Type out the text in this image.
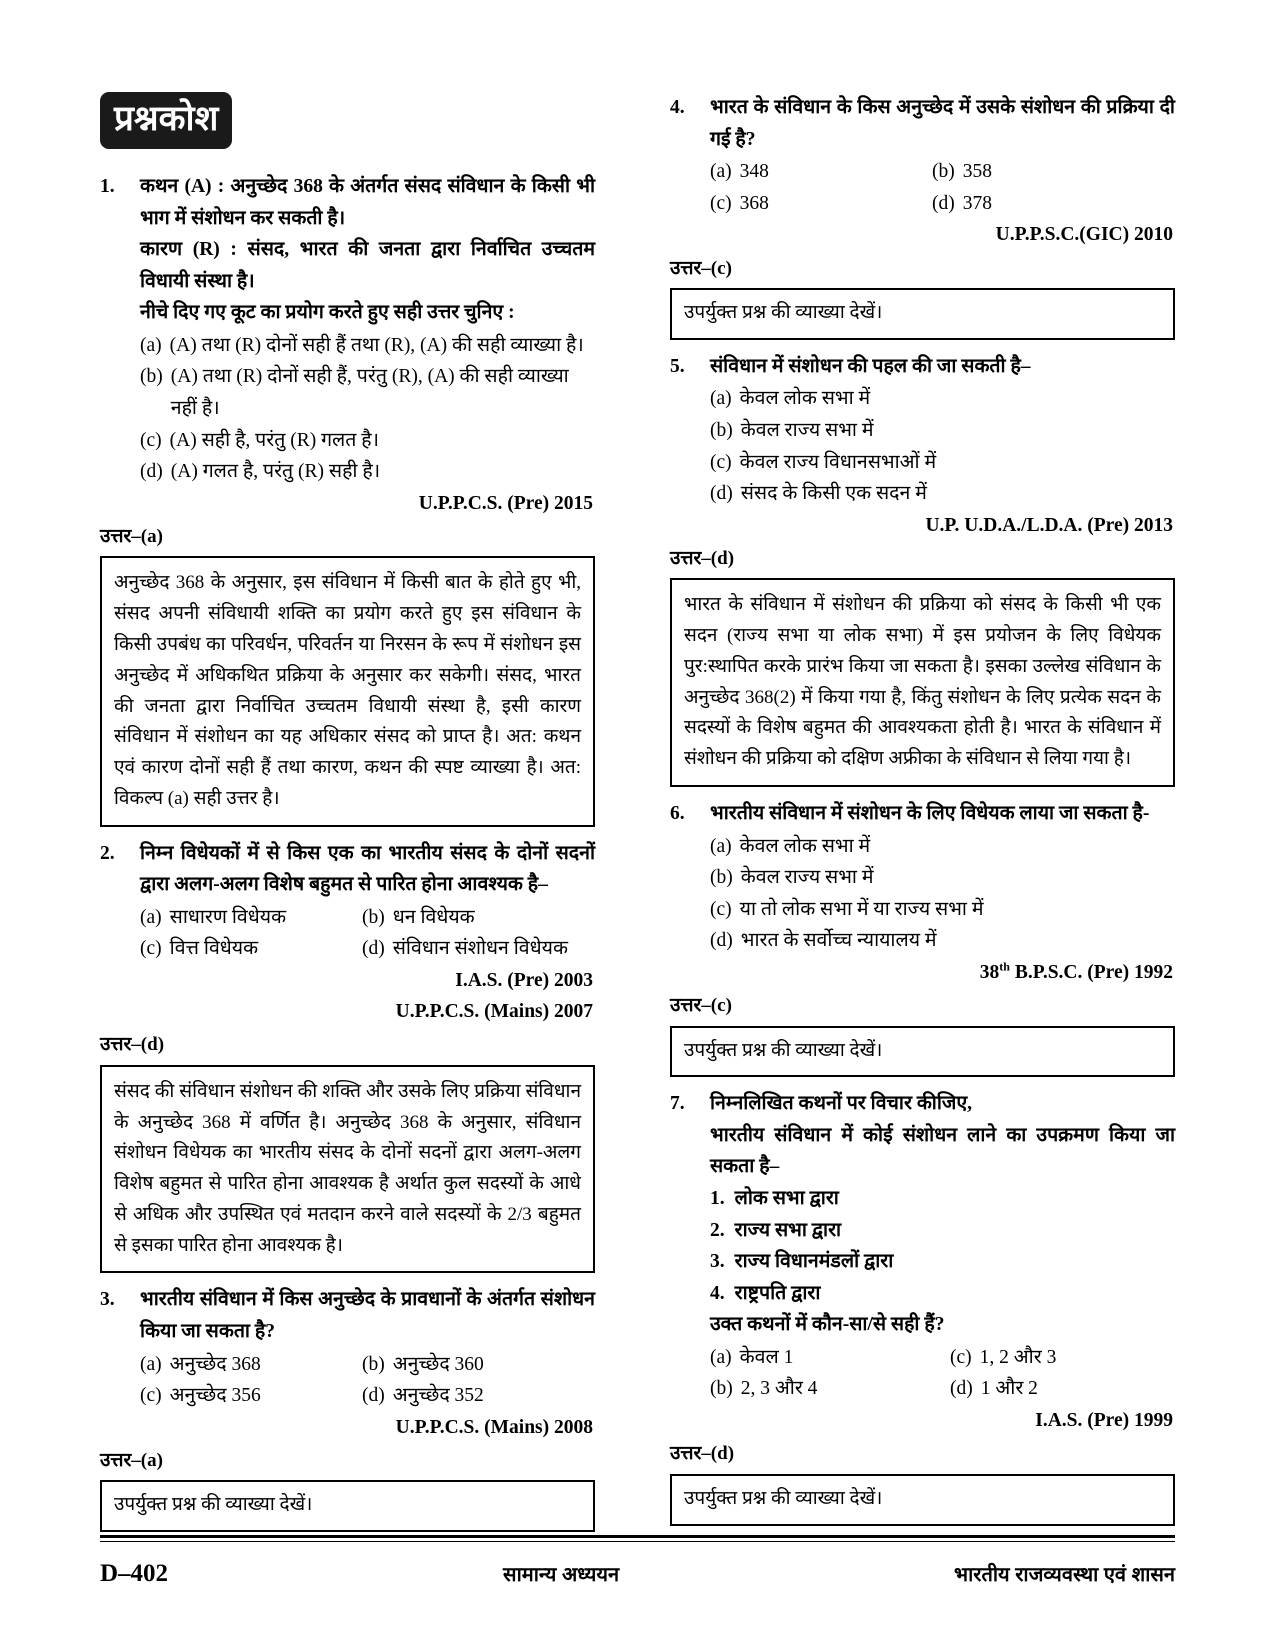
प्रश्नकोश
1.	कथन (A) : अनुच्छेद 368 के अंतर्गत संसद संविधान के किसी भी भाग में संशोधन कर सकती है।
कारण (R) : संसद, भारत की जनता द्वारा निर्वाचित उच्चतम विधायी संस्था है।
नीचे दिए गए कूट का प्रयोग करते हुए सही उत्तर चुनिए :
(a) (A) तथा (R) दोनों सही हैं तथा (R), (A) की सही व्याख्या है।
(b) (A) तथा (R) दोनों सही हैं, परंतु (R), (A) की सही व्याख्या नहीं है।
(c) (A) सही है, परंतु (R) गलत है।
(d) (A) गलत है, परंतु (R) सही है।
U.P.P.C.S. (Pre) 2015
उत्तर–(a)

अनुच्छेद 368 के अनुसार, इस संविधान में किसी बात के होते हुए भी, संसद अपनी संविधायी शक्ति का प्रयोग करते हुए इस संविधान के किसी उपबंध का परिवर्धन, परिवर्तन या निरसन के रूप में संशोधन इस अनुच्छेद में अधिकथित प्रक्रिया के अनुसार कर सकेगी। संसद, भारत की जनता द्वारा निर्वाचित उच्चतम विधायी संस्था है, इसी कारण संविधान में संशोधन का यह अधिकार संसद को प्राप्त है। अत: कथन एवं कारण दोनों सही हैं तथा कारण, कथन की स्पष्ट व्याख्या है। अत: विकल्प (a) सही उत्तर है।

2.	निम्न विधेयकों में से किस एक का भारतीय संसद के दोनों सदनों द्वारा अलग-अलग विशेष बहुमत से पारित होना आवश्यक है–
(a) साधारण विधेयक	(b) धन विधेयक
(c) वित्त विधेयक	(d) संविधान संशोधन विधेयक
I.A.S. (Pre) 2003
U.P.P.C.S. (Mains) 2007
उत्तर–(d)

संसद की संविधान संशोधन की शक्ति और उसके लिए प्रक्रिया संविधान के अनुच्छेद 368 में वर्णित है। अनुच्छेद 368 के अनुसार, संविधान संशोधन विधेयक का भारतीय संसद के दोनों सदनों द्वारा अलग-अलग विशेष बहुमत से पारित होना आवश्यक है अर्थात कुल सदस्यों के आधे से अधिक और उपस्थित एवं मतदान करने वाले सदस्यों के 2/3 बहुमत से इसका पारित होना आवश्यक है।

3.	भारतीय संविधान में किस अनुच्छेद के प्रावधानों के अंतर्गत संशोधन किया जा सकता है?
(a) अनुच्छेद 368	(b) अनुच्छेद 360
(c) अनुच्छेद 356	(d) अनुच्छेद 352
U.P.P.C.S. (Mains) 2008
उत्तर–(a)

उपर्युक्त प्रश्न की व्याख्या देखें।

4.	भारत के संविधान के किस अनुच्छेद में उसके संशोधन की प्रक्रिया दी गई है?
(a) 348	(b) 358
(c) 368	(d) 378
U.P.P.S.C.(GIC) 2010
उत्तर–(c)

उपर्युक्त प्रश्न की व्याख्या देखें।

5.	संविधान में संशोधन की पहल की जा सकती है–
(a) केवल लोक सभा में
(b) केवल राज्य सभा में
(c) केवल राज्य विधानसभाओं में
(d) संसद के किसी एक सदन में
U.P. U.D.A./L.D.A. (Pre) 2013
उत्तर–(d)

भारत के संविधान में संशोधन की प्रक्रिया को संसद के किसी भी एक सदन (राज्य सभा या लोक सभा) में इस प्रयोजन के लिए विधेयक पुर:स्थापित करके प्रारंभ किया जा सकता है। इसका उल्लेख संविधान के अनुच्छेद 368(2) में किया गया है, किंतु संशोधन के लिए प्रत्येक सदन के सदस्यों के विशेष बहुमत की आवश्यकता होती है। भारत के संविधान में संशोधन की प्रक्रिया को दक्षिण अफ्रीका के संविधान से लिया गया है।

6.	भारतीय संविधान में संशोधन के लिए विधेयक लाया जा सकता है-
(a) केवल लोक सभा में
(b) केवल राज्य सभा में
(c) या तो लोक सभा में या राज्य सभा में
(d) भारत के सर्वोच्च न्यायालय में
38th B.P.S.C. (Pre) 1992
उत्तर–(c)

उपर्युक्त प्रश्न की व्याख्या देखें।

7.	निम्नलिखित कथनों पर विचार कीजिए,
भारतीय संविधान में कोई संशोधन लाने का उपक्रमण किया जा सकता है–
1. लोक सभा द्वारा
2. राज्य सभा द्वारा
3. राज्य विधानमंडलों द्वारा
4. राष्ट्रपति द्वारा
उक्त कथनों में कौन-सा/से सही हैं?
(a) केवल 1	(c) 1, 2 और 3
(b) 2, 3 और 4	(d) 1 और 2
I.A.S. (Pre) 1999
उत्तर–(d)

उपर्युक्त प्रश्न की व्याख्या देखें।

D–402	सामान्य अध्ययन	भारतीय राजव्यवस्था एवं शासन
